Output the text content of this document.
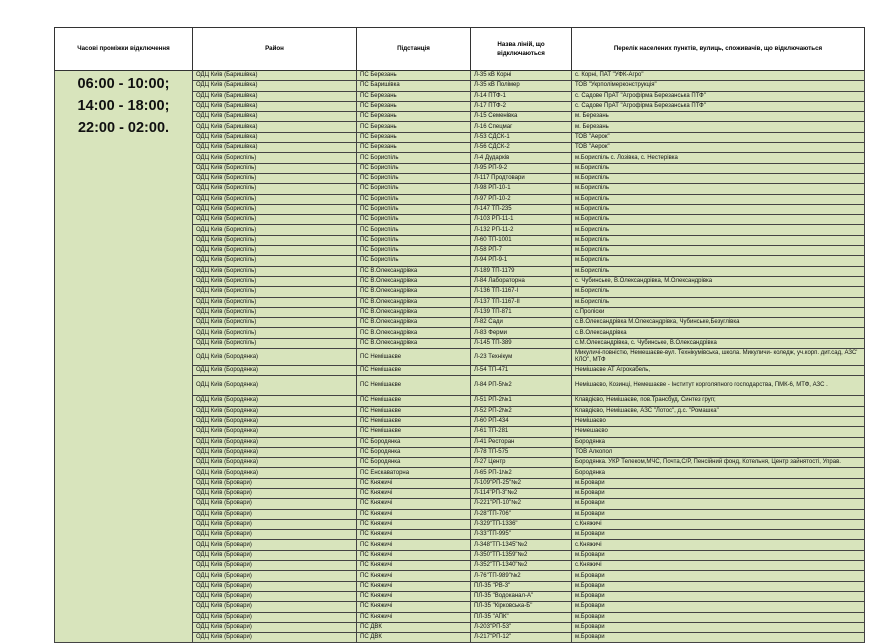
Часові проміжки відключення	Район	Підстанція	Назва ліній, що відключаються	Перелік населених пунктів, вулиць, споживачів, що відключаються

06:00 - 10:00;
14:00 - 18:00;
22:00 - 02:00.	ОДЦ Київ (Баришівка)	ПС Березань	Л-35 кВ Корні	с. Корні, ПАТ "УФК-Агро"
	ОДЦ Київ (Баришівка)	ПС Баришівка	Л-35 кВ Полімер	ТОВ "Укрполімерконструкція"
	ОДЦ Київ (Баришівка)	ПС Березань	Л-14 ПТФ-1	с. Садове ПрАТ "Агрофірма Березанська ПТФ"
	ОДЦ Київ (Баришівка)	ПС Березань	Л-17 ПТФ-2	с. Садове ПрАТ "Агрофірма Березанська ПТФ"
	ОДЦ Київ (Баришівка)	ПС Березань	Л-15 Семенівка	м. Березань
	ОДЦ Київ (Баришівка)	ПС Березань	Л-16 Спецмаг	м. Березань
	ОДЦ Київ (Баришівка)	ПС Березань	Л-53 СДСК-1	ТОВ "Аерок"
	ОДЦ Київ (Баришівка)	ПС Березань	Л-56 СДСК-2	ТОВ "Аерок"
	ОДЦ Київ (Бориспіль)	ПС Бориспіль	Л-4 Дударків	м.Бориспіль с. Лозівка, с. Нестерівка
	ОДЦ Київ (Бориспіль)	ПС Бориспіль	Л-95 РП-9-2	м.Бориспіль
	ОДЦ Київ (Бориспіль)	ПС Бориспіль	Л-117 Продтовари	м.Бориспіль
	ОДЦ Київ (Бориспіль)	ПС Бориспіль	Л-98 РП-10-1	м.Бориспіль
	ОДЦ Київ (Бориспіль)	ПС Бориспіль	Л-97 РП-10-2	м.Бориспіль
	ОДЦ Київ (Бориспіль)	ПС Бориспіль	Л-147 ТП-235	м.Бориспіль
	ОДЦ Київ (Бориспіль)	ПС Бориспіль	Л-103 РП-11-1	м.Бориспіль
	ОДЦ Київ (Бориспіль)	ПС Бориспіль	Л-132 РП-11-2	м.Бориспіль
	ОДЦ Київ (Бориспіль)	ПС Бориспіль	Л-60 ТП-1001	м.Бориспіль
	ОДЦ Київ (Бориспіль)	ПС Бориспіль	Л-58 РП-7	м.Бориспіль
	ОДЦ Київ (Бориспіль)	ПС Бориспіль	Л-94 РП-9-1	м.Бориспіль
	ОДЦ Київ (Бориспіль)	ПС В.Олександрівка	Л-189 ТП-1179	м.Бориспіль
	ОДЦ Київ (Бориспіль)	ПС В.Олександрівка	Л-84 Лабораторна	с. Чубинське, В.Олександрівка, М.Олександрівка
	ОДЦ Київ (Бориспіль)	ПС В.Олександрівка	Л-136 ТП-1167-І	м.Бориспіль
	ОДЦ Київ (Бориспіль)	ПС В.Олександрівка	Л-137 ТП-1167-ІІ	м.Бориспіль
	ОДЦ Київ (Бориспіль)	ПС В.Олександрівка	Л-139 ТП-871	с.Проліски
	ОДЦ Київ (Бориспіль)	ПС В.Олександрівка	Л-82 Сади	с.В.Олександрівка М.Олександрівка, Чубинське,Безуглівка
	ОДЦ Київ (Бориспіль)	ПС В.Олександрівка	Л-83 Ферми	с.В.Олександрівка
	ОДЦ Київ (Бориспіль)	ПС В.Олександрівка	Л-145 ТП-389	с.М.Олександрівка, с. Чубинське, В.Олександрівка
	ОДЦ Київ (Бородянка)	ПС Немішаєве	Л-23 Технікум	Микуличі-повністю, Немешаєве-вул. Технікумівська, школа. Микуличи- коледж, уч.корп. дит.сад, АЗС' КЛО", МТФ
	ОДЦ Київ (Бородянка)	ПС Немішаєве	Л-54 ТП-471	Немішаєве АТ Агрокабель,
	ОДЦ Київ (Бородянка)	ПС Немішаєве	Л-84 РП-5№2	Немішаєво, Козинці, Немешаєве - Інститут корголяпного господарства, ПМК-6, МТФ, АЗС .
	ОДЦ Київ (Бородянка)	ПС Немішаєве	Л-51 РП-2№1	Клавдієво, Немішаєве, пов.Трансбуд, Синтез груп;
	ОДЦ Київ (Бородянка)	ПС Немішаєве	Л-52 РП-2№2	Клавдієво, Немішаєве, АЗС "Лотос", д.с. "Ромашка"
	ОДЦ Київ (Бородянка)	ПС Немішаєве	Л-60 РП-434	Немішаєво
	ОДЦ Київ (Бородянка)	ПС Немішаєве	Л-61 ТП-281	Немешаєво
	ОДЦ Київ (Бородянка)	ПС Бородянка	Л-41 Ресторан	Бородянка
	ОДЦ Київ (Бородянка)	ПС Бородянка	Л-78 ТП-575	ТОВ Алкопол
	ОДЦ Київ (Бородянка)	ПС Бородянка	Л-27 Центр	Бородянка. УКР Телеком,МЧС, Почта,С/Р, Пенсійний фонд, Котельня, Центр зайнятості, Управ.
	ОДЦ Київ (Бородянка)	ПС Енскаваторна	Л-65 РП-1№2	Бородянка
	ОДЦ Київ (Бровари)	ПС Княжичі	Л-109"РП-25"№2	м.Бровари
	ОДЦ Київ (Бровари)	ПС Княжичі	Л-114"РП-3"№2	м.Бровари
	ОДЦ Київ (Бровари)	ПС Княжичі	Л-221"РП-10"№2	м.Бровари
	ОДЦ Київ (Бровари)	ПС Княжичі	Л-28"ТП-706"	м.Бровари
	ОДЦ Київ (Бровари)	ПС Княжичі	Л-329"ТП-1336"	с.Княжичі
	ОДЦ Київ (Бровари)	ПС Княжичі	Л-33"ТП-995"	м.Бровари
	ОДЦ Київ (Бровари)	ПС Княжичі	Л-348"ТП-1345"№2	с.Княжичі
	ОДЦ Київ (Бровари)	ПС Княжичі	Л-350"ТП-1359"№2	м.Бровари
	ОДЦ Київ (Бровари)	ПС Княжичі	Л-352"ТП-1340"№2	с.Княжичі
	ОДЦ Київ (Бровари)	ПС Княжичі	Л-76"ТП-989"№2	м.Бровари
	ОДЦ Київ (Бровари)	ПС Княжичі	ПЛ-35 "РВ-3"	м.Бровари
	ОДЦ Київ (Бровари)	ПС Княжичі	ПЛ-35 "Водоканал-А"	м.Бровари
	ОДЦ Київ (Бровари)	ПС Княжичі	ПЛ-35 "Кірковська-Б"	м.Бровари
	ОДЦ Київ (Бровари)	ПС Княжичі	ПЛ-35 "АПК"	м.Бровари
	ОДЦ Київ (Бровари)	ПС ДВК	Л-203"РП-53"	м.Бровари
	ОДЦ Київ (Бровари)	ПС ДВК	Л-217"РП-12"	м.Бровари
